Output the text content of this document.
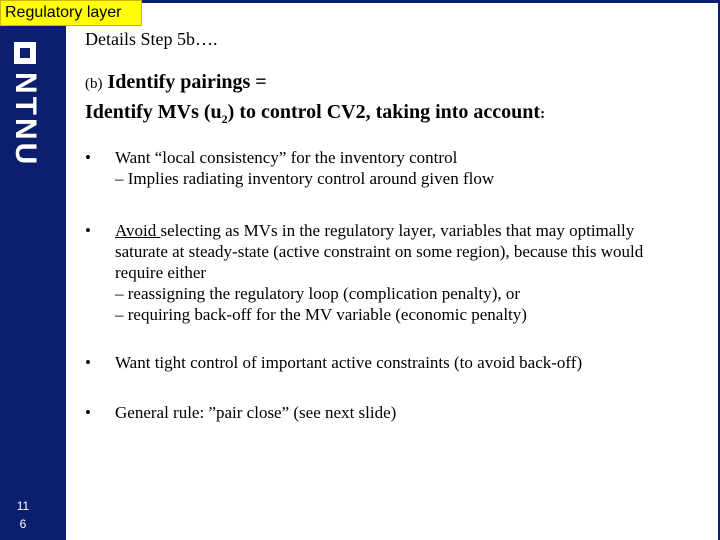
NTNU
11
6
Regulatory layer
Details Step 5b….
(b) Identify pairings =
Identify MVs $(u_2)$ to control CV2, taking into account:
• Want “local consistency” for the inventory control
– Implies radiating inventory control around given flow
• Avoid selecting as MVs in the regulatory layer, variables that may optimally saturate at steady-state (active constraint on some region), because this would require either
– reassigning the regulatory loop (complication penalty), or
– requiring back-off for the MV variable (economic penalty)
• Want tight control of important active constraints (to avoid back-off)
• General rule: ”pair close” (see next slide)
